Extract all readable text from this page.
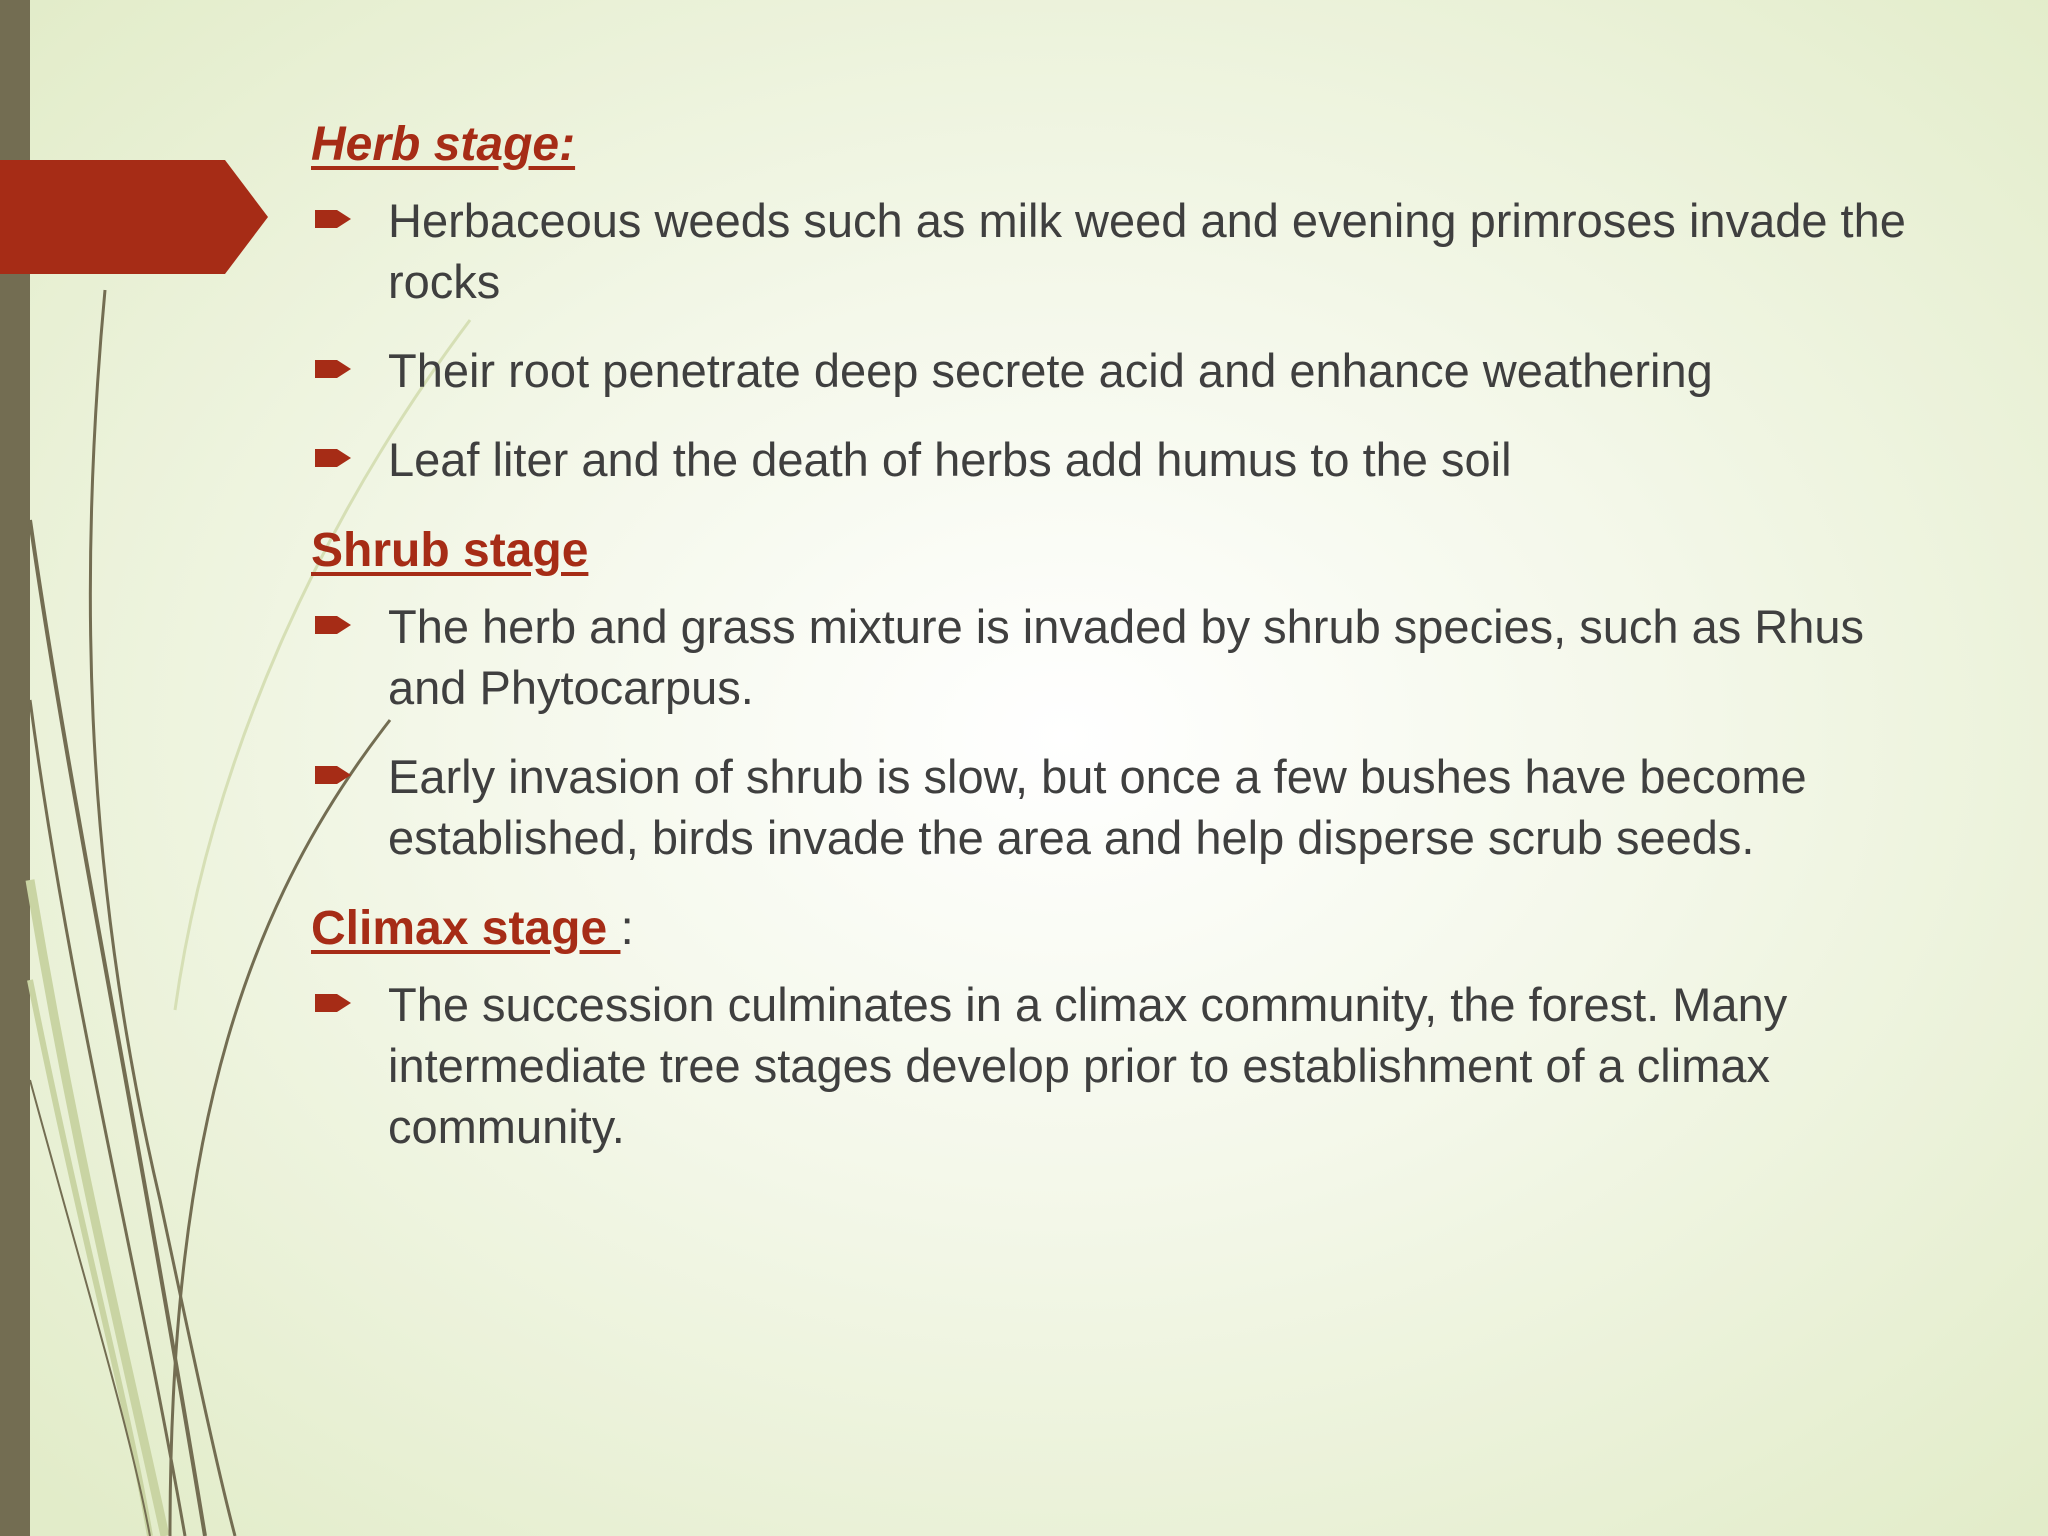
Herb stage:
Herbaceous weeds such as milk weed and evening primroses invade the rocks
Their root penetrate deep secrete acid and enhance weathering
Leaf liter and the death of herbs add humus to the soil
Shrub stage
The herb and grass mixture is invaded by shrub species, such as Rhus and Phytocarpus.
Early invasion of shrub is slow, but once a few bushes have become established, birds invade the area and help disperse scrub seeds.
Climax stage :
The succession culminates in a climax community, the forest. Many intermediate tree stages develop prior to establishment of a climax community.
